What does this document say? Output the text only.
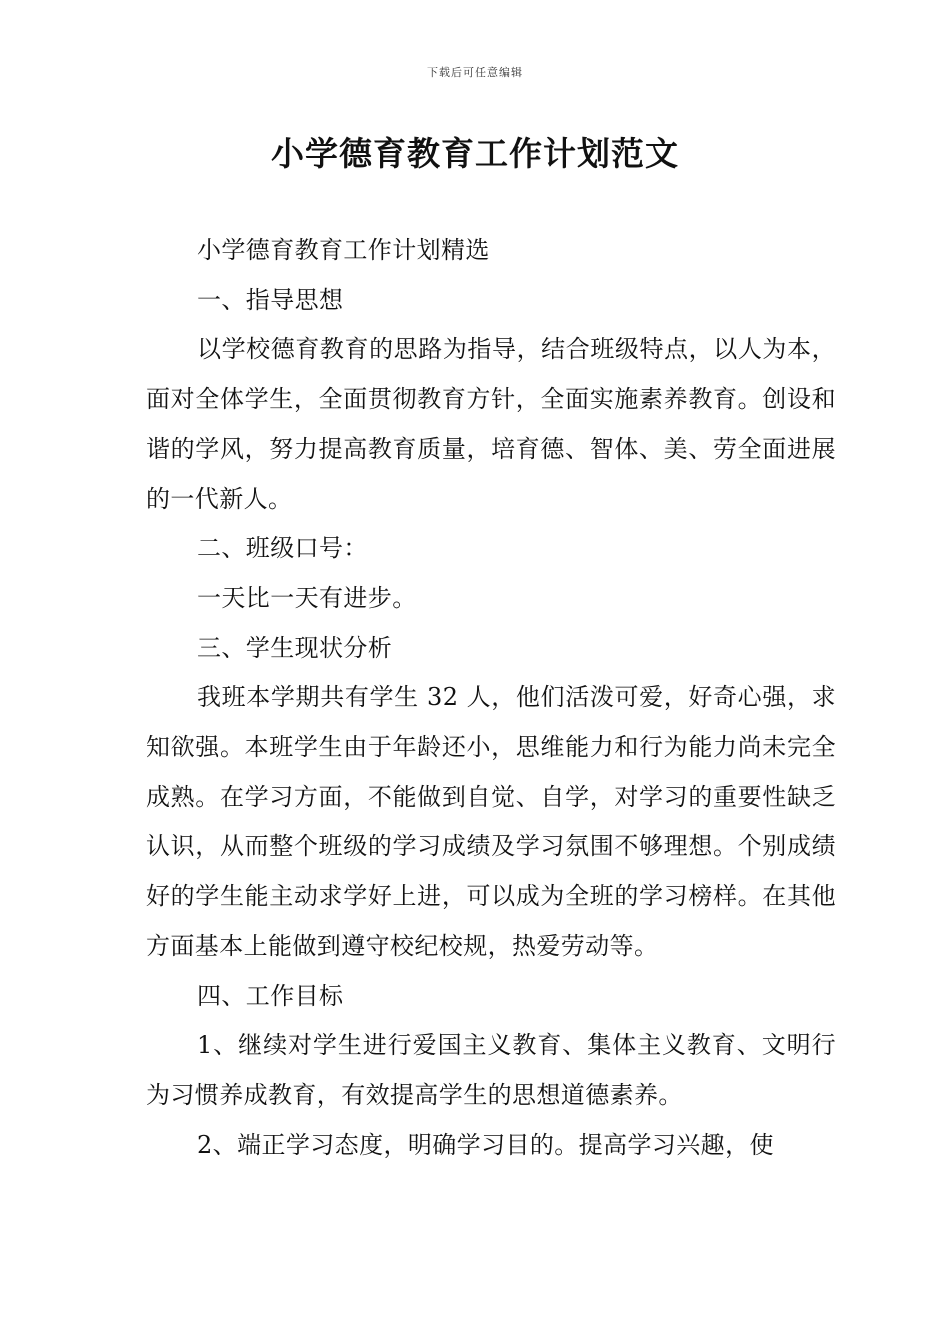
下载后可任意编辑
小学德育教育工作计划范文

小学德育教育工作计划精选

一、指导思想

以学校德育教育的思路为指导，结合班级特点，以人为本，面对全体学生，全面贯彻教育方针，全面实施素养教育。创设和谐的学风，努力提高教育质量，培育德、智体、美、劳全面进展的一代新人。

二、班级口号：

一天比一天有进步。

三、学生现状分析

我班本学期共有学生 32 人，他们活泼可爱，好奇心强，求知欲强。本班学生由于年龄还小，思维能力和行为能力尚未完全成熟。在学习方面，不能做到自觉、自学，对学习的重要性缺乏认识，从而整个班级的学习成绩及学习氛围不够理想。个别成绩好的学生能主动求学好上进，可以成为全班的学习榜样。在其他方面基本上能做到遵守校纪校规，热爱劳动等。

四、工作目标

1、继续对学生进行爱国主义教育、集体主义教育、文明行为习惯养成教育，有效提高学生的思想道德素养。

2、端正学习态度，明确学习目的。提高学习兴趣，使
